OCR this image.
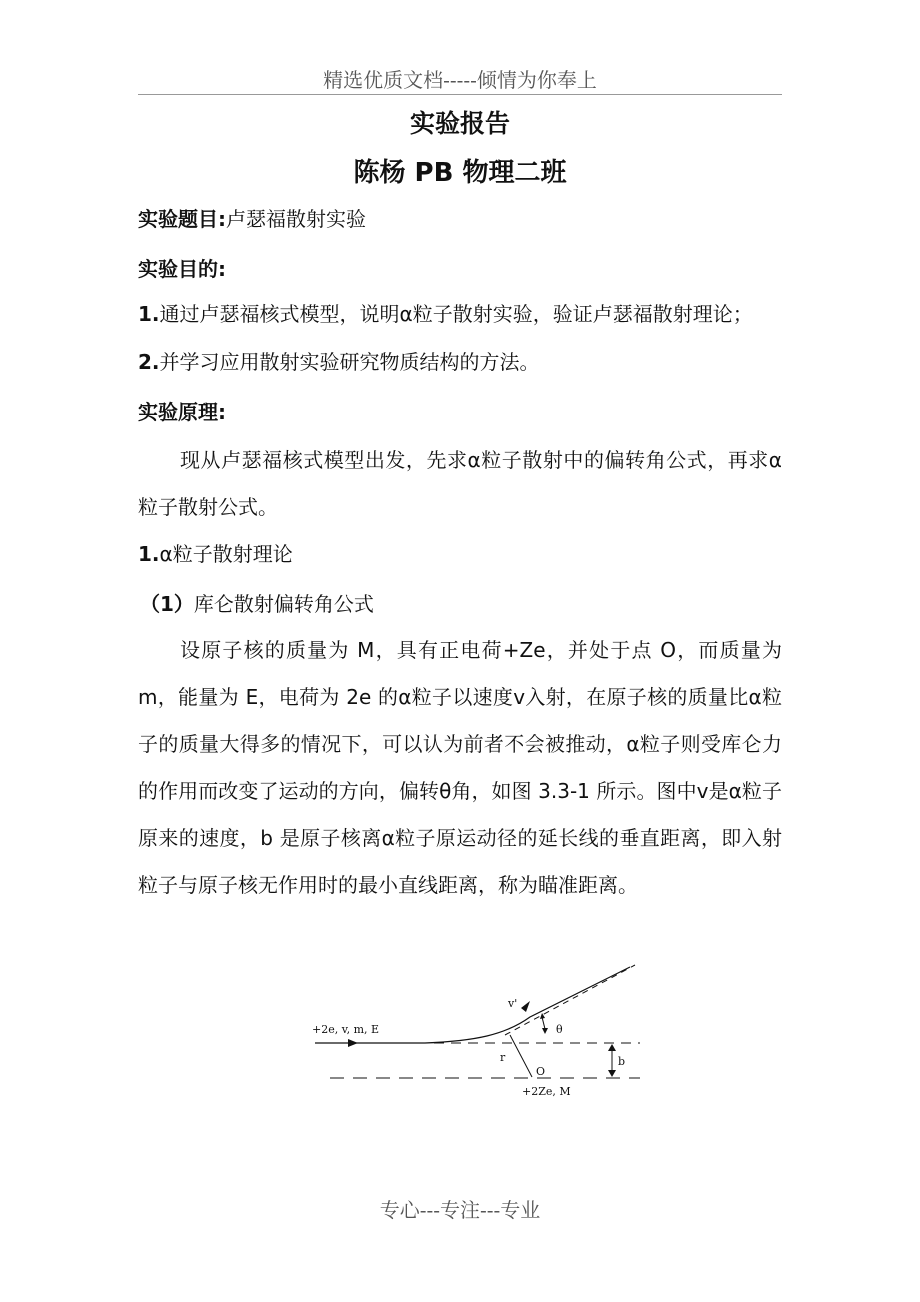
精选优质文档-----倾情为你奉上
实验报告
陈杨 PB 物理二班

实验题目:卢瑟福散射实验

实验目的:

1.通过卢瑟福核式模型，说明α粒子散射实验，验证卢瑟福散射理论；

2.并学习应用散射实验研究物质结构的方法。

实验原理:

现从卢瑟福核式模型出发，先求α粒子散射中的偏转角公式，再求α粒子散射公式。

1.α粒子散射理论

（1）库仑散射偏转角公式

设原子核的质量为 M，具有正电荷+Ze，并处于点 O，而质量为 m，能量为 E，电荷为 2e 的α粒子以速度v入射，在原子核的质量比α粒子的质量大得多的情况下，可以认为前者不会被推动，α粒子则受库仑力的作用而改变了运动的方向，偏转θ角，如图 3.3-1 所示。图中v是α粒子原来的速度，b 是原子核离α粒子原运动径的延长线的垂直距离，即入射粒子与原子核无作用时的最小直线距离，称为瞄准距离。

+2e, v, m, E
v'
θ
r
O
b
+2Ze, M
专心---专注---专业
